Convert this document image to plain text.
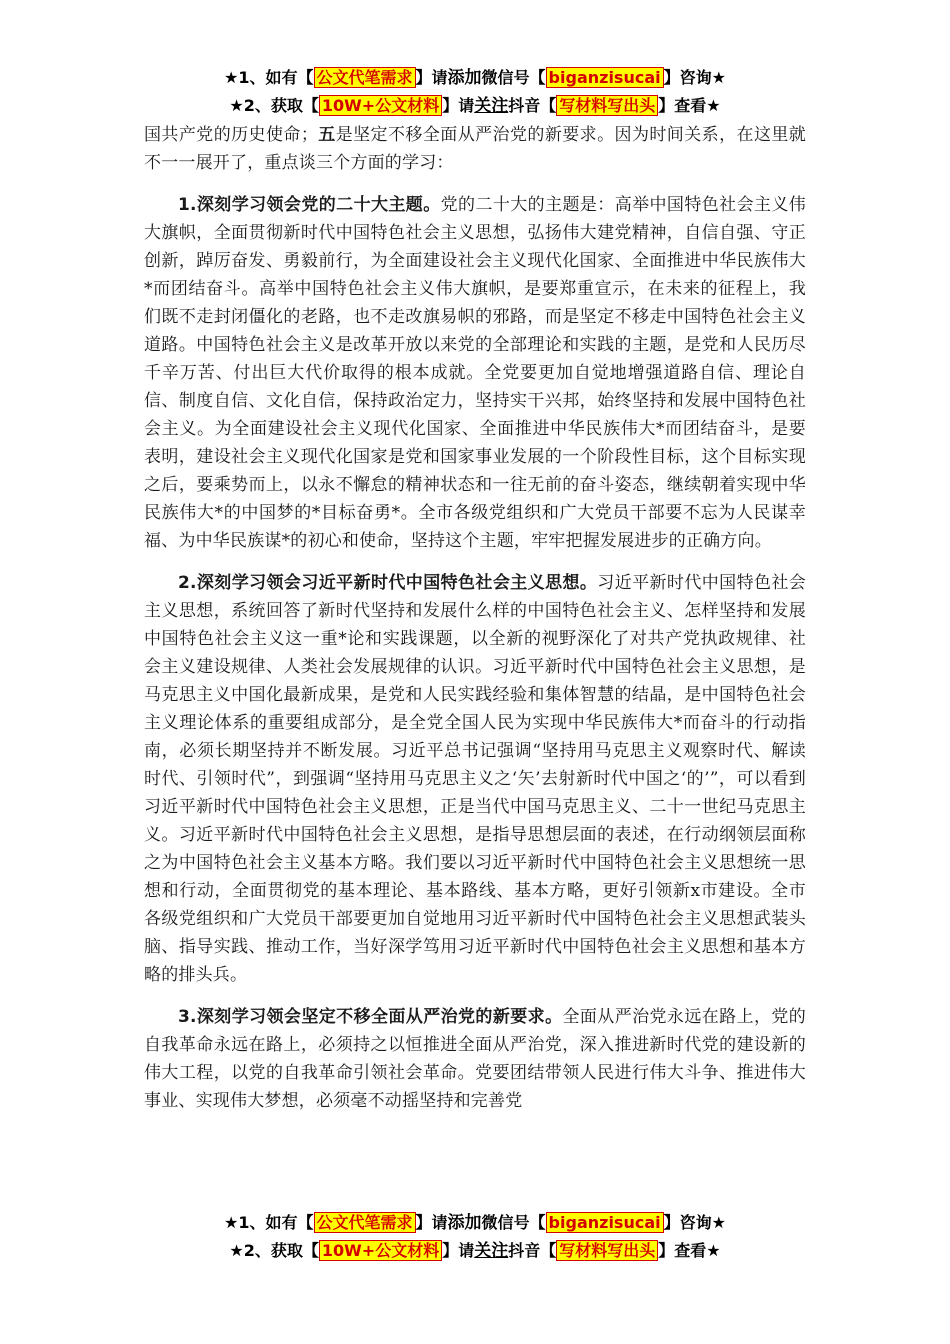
★1、如有【 公文代笔需求 】请添加微信号【 biganzisucai 】咨询★
★2、获取【 10W+公文材料 】请关注抖音【 写材料写出头 】查看★

国共产党的历史使命；五是坚定不移全面从严治党的新要求。因为时间关系，在这里就不一一展开了，重点谈三个方面的学习：

1.深刻学习领会党的二十大主题。党的二十大的主题是：高举中国特色社会主义伟大旗帜，全面贯彻新时代中国特色社会主义思想，弘扬伟大建党精神，自信自强、守正创新，踔厉奋发、勇毅前行，为全面建设社会主义现代化国家、全面推进中华民族伟大*而团结奋斗。高举中国特色社会主义伟大旗帜，是要郑重宣示，在未来的征程上，我们既不走封闭僵化的老路，也不走改旗易帜的邪路，而是坚定不移走中国特色社会主义道路。中国特色社会主义是改革开放以来党的全部理论和实践的主题，是党和人民历尽千辛万苦、付出巨大代价取得的根本成就。全党要更加自觉地增强道路自信、理论自信、制度自信、文化自信，保持政治定力，坚持实干兴邦，始终坚持和发展中国特色社会主义。为全面建设社会主义现代化国家、全面推进中华民族伟大*而团结奋斗，是要表明，建设社会主义现代化国家是党和国家事业发展的一个阶段性目标，这个目标实现之后，要乘势而上，以永不懈怠的精神状态和一往无前的奋斗姿态，继续朝着实现中华民族伟大*的中国梦的*目标奋勇*。全市各级党组织和广大党员干部要不忘为人民谋幸福、为中华民族谋*的初心和使命，坚持这个主题，牢牢把握发展进步的正确方向。

2.深刻学习领会习近平新时代中国特色社会主义思想。习近平新时代中国特色社会主义思想，系统回答了新时代坚持和发展什么样的中国特色社会主义、怎样坚持和发展中国特色社会主义这一重*论和实践课题，以全新的视野深化了对共产党执政规律、社会主义建设规律、人类社会发展规律的认识。习近平新时代中国特色社会主义思想，是马克思主义中国化最新成果，是党和人民实践经验和集体智慧的结晶，是中国特色社会主义理论体系的重要组成部分，是全党全国人民为实现中华民族伟大*而奋斗的行动指南，必须长期坚持并不断发展。习近平总书记强调“坚持用马克思主义观察时代、解读时代、引领时代”，到强调“坚持用马克思主义之‘矢’去射新时代中国之‘的’”，可以看到习近平新时代中国特色社会主义思想，正是当代中国马克思主义、二十一世纪马克思主义。习近平新时代中国特色社会主义思想，是指导思想层面的表述，在行动纲领层面称之为中国特色社会主义基本方略。我们要以习近平新时代中国特色社会主义思想统一思想和行动，全面贯彻党的基本理论、基本路线、基本方略，更好引领新x市建设。全市各级党组织和广大党员干部要更加自觉地用习近平新时代中国特色社会主义思想武装头脑、指导实践、推动工作，当好深学笃用习近平新时代中国特色社会主义思想和基本方略的排头兵。

3.深刻学习领会坚定不移全面从严治党的新要求。全面从严治党永远在路上，党的自我革命永远在路上，必须持之以恒推进全面从严治党，深入推进新时代党的建设新的伟大工程，以党的自我革命引领社会革命。党要团结带领人民进行伟大斗争、推进伟大事业、实现伟大梦想，必须毫不动摇坚持和完善党

★1、如有【 公文代笔需求 】请添加微信号【 biganzisucai 】咨询★
★2、获取【 10W+公文材料 】请关注抖音【 写材料写出头 】查看★
